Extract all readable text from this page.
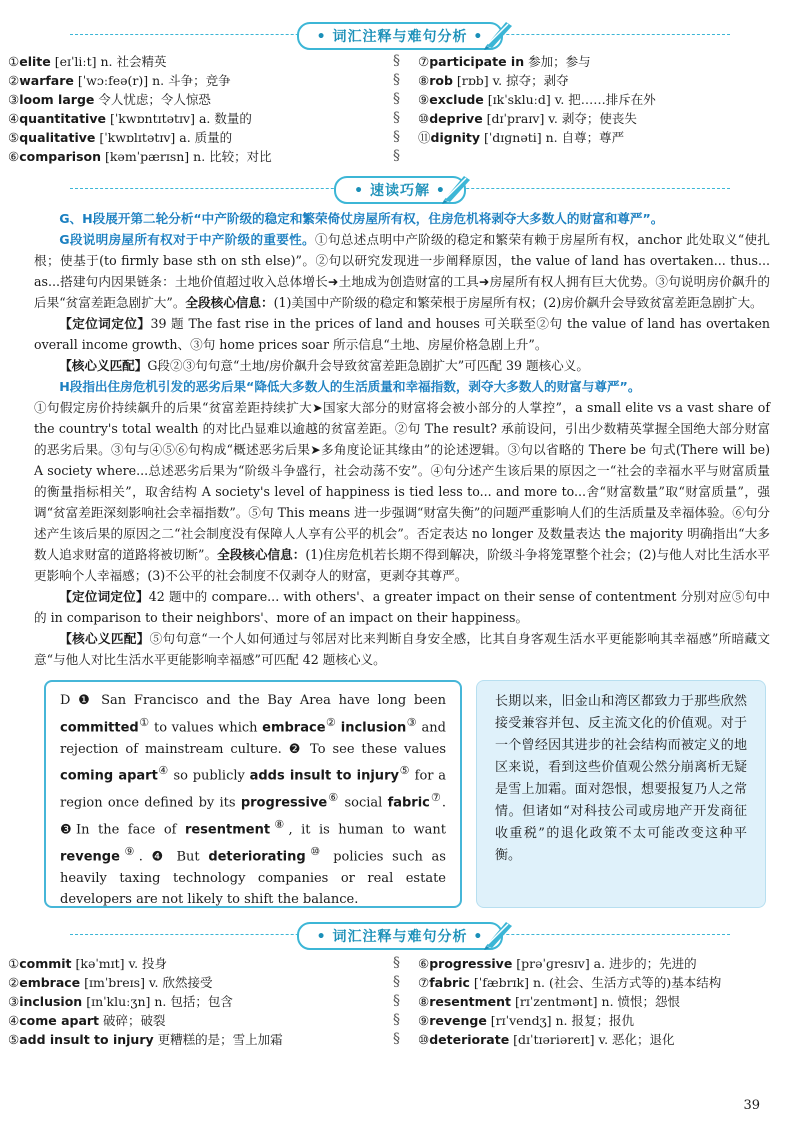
• 词汇注释与难句分析 •
①elite [eɪˈliːt] n. 社会精英
②warfare [ˈwɔːfeə(r)] n. 斗争；竞争
③loom large 令人忧虑；令人惊恐
④quantitative [ˈkwɒntɪtətɪv] a. 数量的
⑤qualitative [ˈkwɒlɪtətɪv] a. 质量的
⑥comparison [kəmˈpærɪsn] n. 比较；对比
§
§
§
§
§
§
⑦participate in 参加；参与
⑧rob [rɒb] v. 掠夺；剥夺
⑨exclude [ɪkˈskluːd] v. 把……排斥在外
⑩deprive [dɪˈpraɪv] v. 剥夺；使丧失
⑪dignity [ˈdɪɡnəti] n. 自尊；尊严
• 速读巧解 •

G、H段展开第二轮分析“中产阶级的稳定和繁荣倚仗房屋所有权，住房危机将剥夺大多数人的财富和尊严”。

G段说明房屋所有权对于中产阶级的重要性。①句总述点明中产阶级的稳定和繁荣有赖于房屋所有权，anchor 此处取义“使扎根；使基于(to firmly base sth on sth else)”。②句以研究发现进一步阐释原因，the value of land has overtaken... thus... as...搭建句内因果链条：土地价值超过收入总体增长➜土地成为创造财富的工具➜房屋所有权人拥有巨大优势。③句说明房价飙升的后果“贫富差距急剧扩大”。全段核心信息：(1)美国中产阶级的稳定和繁荣根于房屋所有权；(2)房价飙升会导致贫富差距急剧扩大。

【定位词定位】39 题 The fast rise in the prices of land and houses 可关联至②句 the value of land has overtaken overall income growth、③句 home prices soar 所示信息“土地、房屋价格急剧上升”。

【核心义匹配】G段②③句句意“土地/房价飙升会导致贫富差距急剧扩大”可匹配 39 题核心义。

H段指出住房危机引发的恶劣后果“降低大多数人的生活质量和幸福指数，剥夺大多数人的财富与尊严”。

①句假定房价持续飙升的后果“贫富差距持续扩大➤国家大部分的财富将会被小部分的人掌控”，a small elite vs a vast share of the country's total wealth 的对比凸显难以逾越的贫富差距。②句 The result? 承前设问，引出少数精英掌握全国绝大部分财富的恶劣后果。③句与④⑤⑥句构成“概述恶劣后果➤多角度论证其缘由”的论述逻辑。③句以省略的 There be 句式(There will be) A society where...总述恶劣后果为“阶级斗争盛行，社会动荡不安”。④句分述产生该后果的原因之一“社会的幸福水平与财富质量的衡量指标相关”，取舍结构 A society's level of happiness is tied less to... and more to...舍“财富数量”取“财富质量”，强调“贫富差距深刻影响社会幸福指数”。⑤句 This means 进一步强调“财富失衡”的问题严重影响人们的生活质量及幸福体验。⑥句分述产生该后果的原因之二“社会制度没有保障人人享有公平的机会”。否定表达 no longer 及数量表达 the majority 明确指出“大多数人追求财富的道路将被切断”。全段核心信息：(1)住房危机若长期不得到解决，阶级斗争将笼罩整个社会；(2)与他人对比生活水平更影响个人幸福感；(3)不公平的社会制度不仅剥夺人的财富，更剥夺其尊严。

【定位词定位】42 题中的 compare... with others'、a greater impact on their sense of contentment 分别对应⑤句中的 in comparison to their neighbors'、more of an impact on their happiness。

【核心义匹配】⑤句句意“一个人如何通过与邻居对比来判断自身安全感，比其自身客观生活水平更能影响其幸福感”所暗藏文意“与他人对比生活水平更能影响幸福感”可匹配 42 题核心义。

D ❶ San Francisco and the Bay Area have long been committed① to values which embrace② inclusion③ and rejection of mainstream culture. ❷ To see these values coming apart④ so publicly adds insult to injury⑤ for a region once defined by its progressive⑥ social fabric⑦. ❸In the face of resentment⑧, it is human to want revenge⑨. ❹ But deteriorating⑩ policies such as heavily taxing technology companies or real estate developers are not likely to shift the balance.
长期以来，旧金山和湾区都致力于那些欣然接受兼容并包、反主流文化的价值观。对于一个曾经因其进步的社会结构而被定义的地区来说，看到这些价值观公然分崩离析无疑是雪上加霜。面对怨恨，想要报复乃人之常情。但诸如“对科技公司或房地产开发商征收重税”的退化政策不太可能改变这种平衡。
• 词汇注释与难句分析 •
①commit [kəˈmɪt] v. 投身
②embrace [ɪmˈbreɪs] v. 欣然接受
③inclusion [ɪnˈkluːʒn] n. 包括；包含
④come apart 破碎；破裂
⑤add insult to injury 更糟糕的是；雪上加霜
§
§
§
§
§
⑥progressive [prəˈɡresɪv] a. 进步的；先进的
⑦fabric [ˈfæbrɪk] n. (社会、生活方式等的)基本结构
⑧resentment [rɪˈzentmənt] n. 愤恨；怨恨
⑨revenge [rɪˈvendʒ] n. 报复；报仇
⑩deteriorate [dɪˈtɪəriəreɪt] v. 恶化；退化
39
